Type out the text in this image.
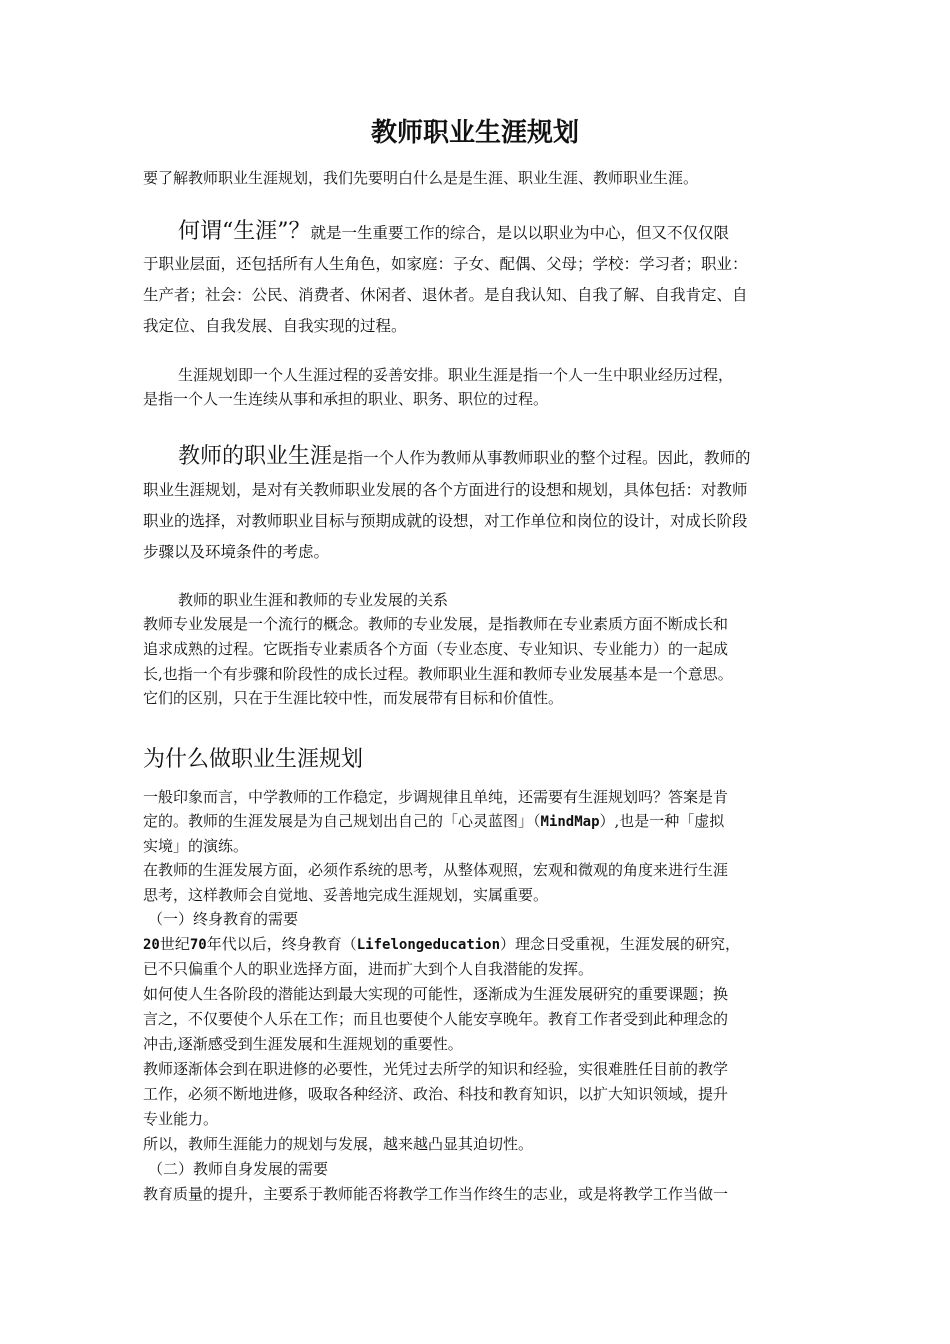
教师职业生涯规划

要了解教师职业生涯规划，我们先要明白什么是是生涯、职业生涯、教师职业生涯。

何谓“生涯”？就是一生重要工作的综合，是以以职业为中心，但又不仅仅限

于职业层面，还包括所有人生角色，如家庭：子女、配偶、父母；学校：学习者；职业：

生产者；社会：公民、消费者、休闲者、退休者。是自我认知、自我了解、自我肯定、自

我定位、自我发展、自我实现的过程。

生涯规划即一个人生涯过程的妥善安排。职业生涯是指一个人一生中职业经历过程，

是指一个人一生连续从事和承担的职业、职务、职位的过程。

教师的职业生涯是指一个人作为教师从事教师职业的整个过程。因此，教师的

职业生涯规划，是对有关教师职业发展的各个方面进行的设想和规划，具体包括：对教师

职业的选择，对教师职业目标与预期成就的设想，对工作单位和岗位的设计，对成长阶段

步骤以及环境条件的考虑。

教师的职业生涯和教师的专业发展的关系

教师专业发展是一个流行的概念。教师的专业发展，是指教师在专业素质方面不断成长和

追求成熟的过程。它既指专业素质各个方面（专业态度、专业知识、专业能力）的一起成

长,也指一个有步骤和阶段性的成长过程。教师职业生涯和教师专业发展基本是一个意思。

它们的区别，只在于生涯比较中性，而发展带有目标和价值性。

为什么做职业生涯规划

一般印象而言，中学教师的工作稳定，步调规律且单纯，还需要有生涯规划吗？答案是肯

定的。教师的生涯发展是为自己规划出自己的「心灵蓝图」（MindMap）,也是一种「虚拟

实境」的演练。

在教师的生涯发展方面，必须作系统的思考，从整体观照，宏观和微观的角度来进行生涯

思考，这样教师会自觉地、妥善地完成生涯规划，实属重要。

（一）终身教育的需要

20世纪70年代以后，终身教育（Lifelongeducation）理念日受重视，生涯发展的研究，

已不只偏重个人的职业选择方面，进而扩大到个人自我潜能的发挥。

如何使人生各阶段的潜能达到最大实现的可能性，逐渐成为生涯发展研究的重要课题；换

言之，不仅要使个人乐在工作；而且也要使个人能安享晚年。教育工作者受到此种理念的

冲击,逐渐感受到生涯发展和生涯规划的重要性。

教师逐渐体会到在职进修的必要性，光凭过去所学的知识和经验，实很难胜任目前的教学

工作，必须不断地进修，吸取各种经济、政治、科技和教育知识，以扩大知识领域，提升

专业能力。

所以，教师生涯能力的规划与发展，越来越凸显其迫切性。

（二）教师自身发展的需要

教育质量的提升，主要系于教师能否将教学工作当作终生的志业，或是将教学工作当做一
